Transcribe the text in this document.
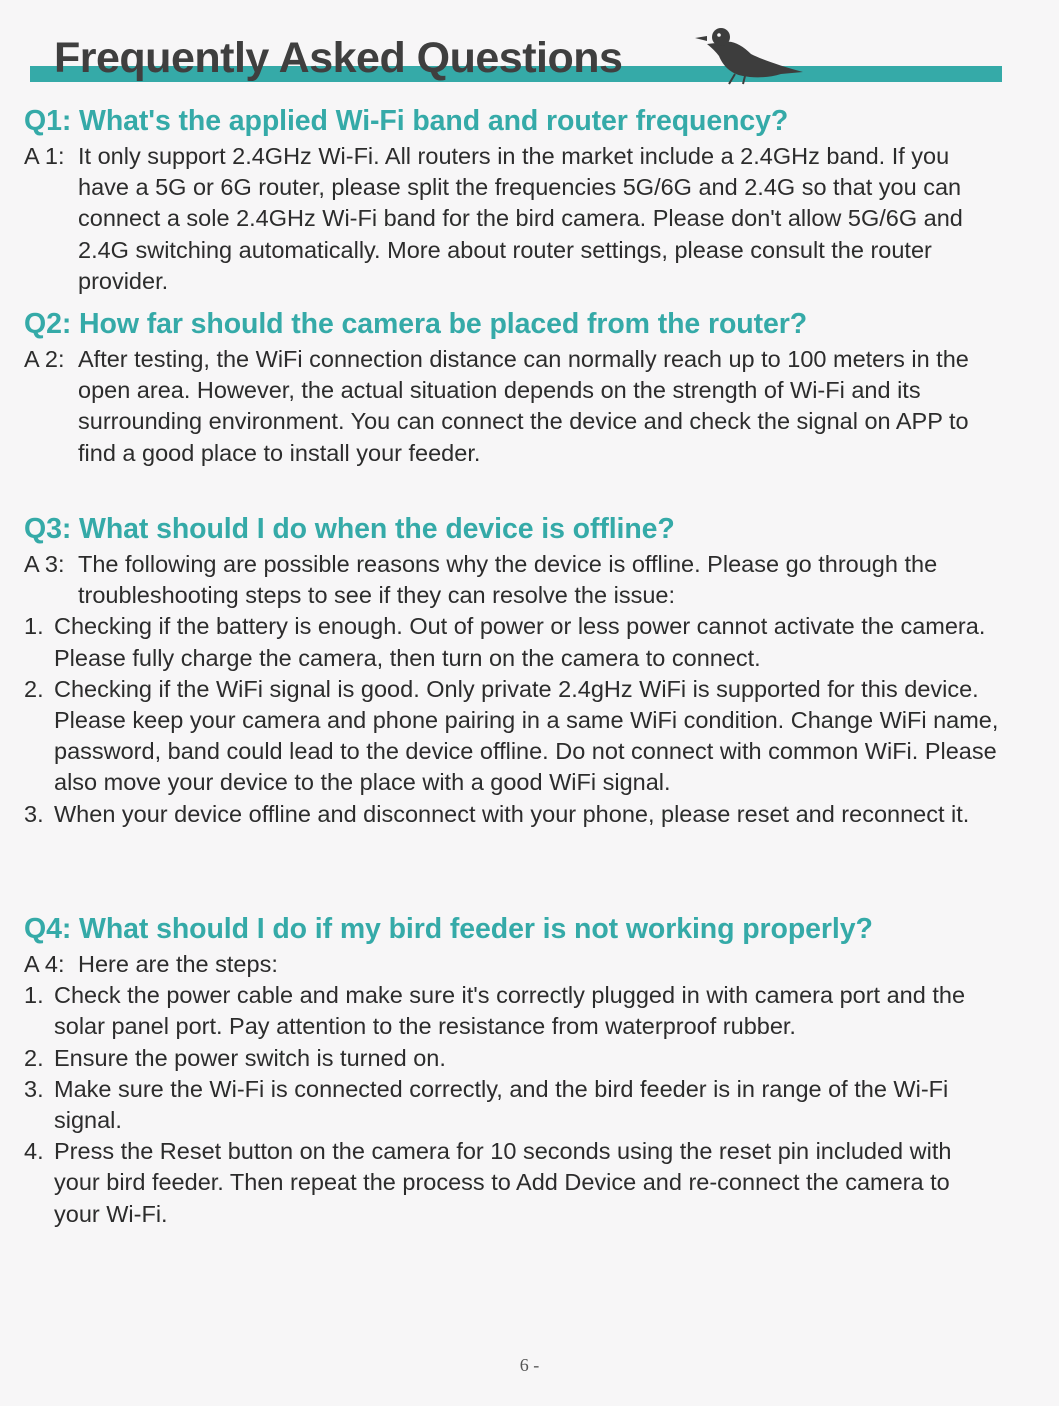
Frequently Asked Questions
Q1: What's the applied Wi-Fi band and router frequency?
A 1: It only support 2.4GHz Wi-Fi. All routers in the market include a 2.4GHz band. If you have a 5G or 6G router, please split the frequencies 5G/6G and 2.4G so that you can connect a sole 2.4GHz Wi-Fi band for the bird camera. Please don't allow 5G/6G and 2.4G switching automatically. More about router settings, please consult the router provider.
Q2: How far should the camera be placed from the router?
A 2: After testing, the WiFi connection distance can normally reach up to 100 meters in the open area. However, the actual situation depends on the strength of Wi-Fi and its surrounding environment. You can connect the device and check the signal on APP to find a good place to install your feeder.
Q3: What should I do when the device is offline?
A 3: The following are possible reasons why the device is offline. Please go through the troubleshooting steps to see if they can resolve the issue:
1. Checking if the battery is enough. Out of power or less power cannot activate the camera. Please fully charge the camera, then turn on the camera to connect.
2. Checking if the WiFi signal is good. Only private 2.4gHz WiFi is supported for this device. Please keep your camera and phone pairing in a same WiFi condition. Change WiFi name, password, band could lead to the device offline. Do not connect with common WiFi. Please also move your device to the place with a good WiFi signal.
3. When your device offline and disconnect with your phone, please reset and reconnect it.
Q4: What should I do if my bird feeder is not working properly?
A 4: Here are the steps:
1. Check the power cable and make sure it's correctly plugged in with camera port and the solar panel port. Pay attention to the resistance from waterproof rubber.
2. Ensure the power switch is turned on.
3. Make sure the Wi-Fi is connected correctly, and the bird feeder is in range of the Wi-Fi signal.
4. Press the Reset button on the camera for 10 seconds using the reset pin included with your bird feeder. Then repeat the process to Add Device and re-connect the camera to your Wi-Fi.
6 -
